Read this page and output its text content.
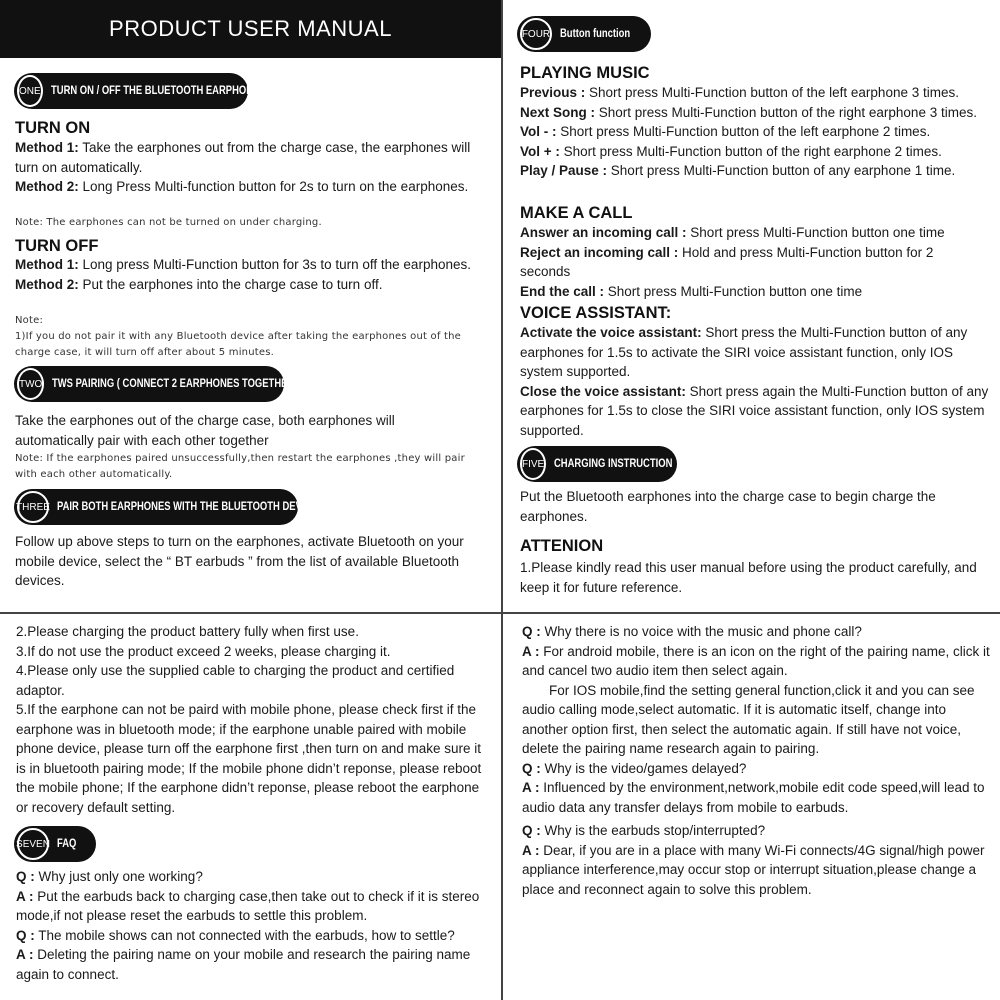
PRODUCT USER MANUAL
ONE TURN ON / OFF THE BLUETOOTH EARPHONE
TURN ON

Method 1: Take the earphones out from the charge case, the earphones will turn on automatically.

Method 2: Long Press Multi-function button for 2s to turn on the earphones.

Note: The earphones can not be turned on under charging.
TURN OFF

Method 1: Long press Multi-Function button for 3s to turn off the earphones.

Method 2: Put the earphones into the charge case to turn off.

Note:
1)If you do not pair it with any Bluetooth device after taking the earphones out of the charge case, it will turn off after about 5 minutes.
TWO TWS PAIRING ( CONNECT 2 EARPHONES TOGETHER)
Take the earphones out of the charge case, both earphones will automatically pair with each other together
Note: If the earphones paired unsuccessfully,then restart the earphones ,they will pair with each other automatically.
THREE PAIR BOTH EARPHONES WITH THE BLUETOOTH DEVICE
Follow up above steps to turn on the earphones, activate Bluetooth on your mobile device, select the “ BT earbuds ” from the list of available Bluetooth devices.
FOUR Button function
PLAYING MUSIC

Previous : Short press Multi-Function button of the left earphone 3 times.

Next Song : Short press Multi-Function button of the right earphone 3 times.

Vol - : Short press Multi-Function button of the left earphone 2 times.

Vol + : Short press Multi-Function button of the right earphone 2 times.

Play / Pause : Short press Multi-Function button of any earphone 1 time.

MAKE A CALL

Answer an incoming call : Short press Multi-Function button one time

Reject an incoming call : Hold and press Multi-Function button for 2 seconds

End the call : Short press Multi-Function button one time

VOICE ASSISTANT:

Activate the voice assistant: Short press the Multi-Function button of any earphones for 1.5s to activate the SIRI voice assistant function, only IOS system supported.

Close the voice assistant: Short press again the Multi-Function button of any earphones for 1.5s to close the SIRI voice assistant function, only IOS system supported.

FIVE CHARGING INSTRUCTION
Put the Bluetooth earphones into the charge case to begin charge the earphones.
ATTENION
1.Please kindly read this user manual before using the product carefully, and keep it for future reference.

2.Please charging the product battery fully when first use.

3.If do not use the product exceed 2 weeks, please charging it.

4.Please only use the supplied cable to charging the product and certified adaptor.

5.If the earphone can not be paird with mobile phone, please check first if the earphone was in bluetooth mode; if the earphone unable paired with mobile phone device, please turn off the earphone first ,then turn on and make sure it is in bluetooth pairing mode; If the mobile phone didn’t reponse, please reboot the mobile phone; If the earphone didn’t reponse, please reboot the earphone or recovery default setting.

SEVEN FAQ

Q : Why just only one working?

A : Put the earbuds back to charging case,then take out to check if it is stereo mode,if not please reset the earbuds to settle this problem.

Q : The mobile shows can not connected with the earbuds, how to settle?

A : Deleting the pairing name on your mobile and research the pairing name again to connect.

Q : Why there is no voice with the music and phone call?

A : For android mobile, there is an icon on the right of the pairing name, click it and cancel two audio item then select again.

For IOS mobile,find the setting general function,click it and you can see audio calling mode,select automatic. If it is automatic itself, change into another option first, then select the automatic again. If still have not voice, delete the pairing name research again to pairing.

Q : Why is the video/games delayed?

A : Influenced by the environment,network,mobile edit code speed,will lead to audio data any transfer delays from mobile to earbuds.

Q : Why is the earbuds stop/interrupted?

A : Dear, if you are in a place with many Wi-Fi connects/4G signal/high power appliance interference,may occur stop or interrupt situation,please change a place and reconnect again to solve this problem.
